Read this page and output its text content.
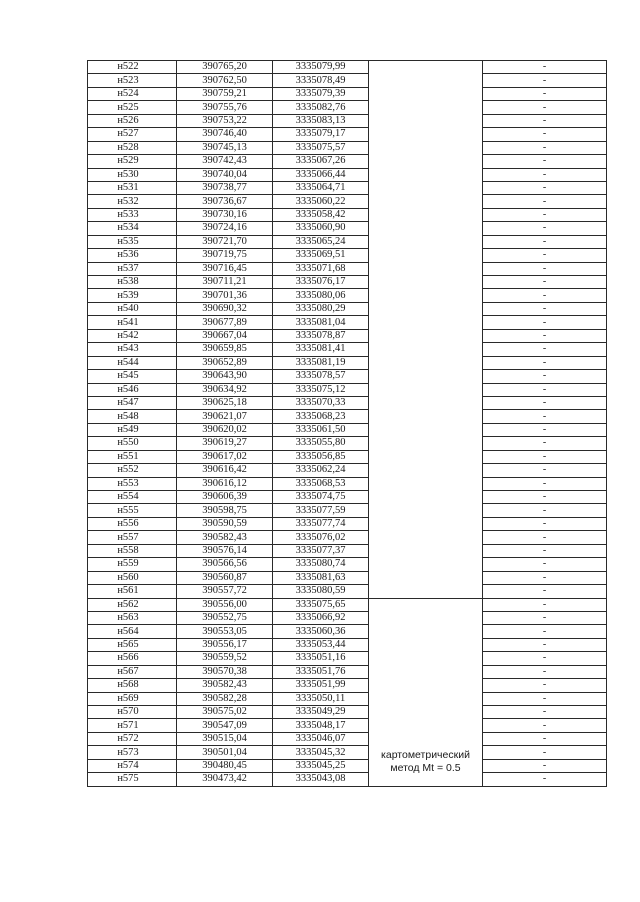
н522	390765,20	3335079,99		-
н523	390762,50	3335078,49		-
н524	390759,21	3335079,39		-
н525	390755,76	3335082,76		-
н526	390753,22	3335083,13		-
н527	390746,40	3335079,17		-
н528	390745,13	3335075,57		-
н529	390742,43	3335067,26		-
н530	390740,04	3335066,44		-
н531	390738,77	3335064,71		-
н532	390736,67	3335060,22		-
н533	390730,16	3335058,42		-
н534	390724,16	3335060,90		-
н535	390721,70	3335065,24		-
н536	390719,75	3335069,51		-
н537	390716,45	3335071,68		-
н538	390711,21	3335076,17		-
н539	390701,36	3335080,06		-
н540	390690,32	3335080,29		-
н541	390677,89	3335081,04		-
н542	390667,04	3335078,87		-
н543	390659,85	3335081,41		-
н544	390652,89	3335081,19		-
н545	390643,90	3335078,57		-
н546	390634,92	3335075,12		-
н547	390625,18	3335070,33		-
н548	390621,07	3335068,23		-
н549	390620,02	3335061,50		-
н550	390619,27	3335055,80		-
н551	390617,02	3335056,85		-
н552	390616,42	3335062,24		-
н553	390616,12	3335068,53		-
н554	390606,39	3335074,75		-
н555	390598,75	3335077,59		-
н556	390590,59	3335077,74		-
н557	390582,43	3335076,02		-
н558	390576,14	3335077,37		-
н559	390566,56	3335080,74		-
н560	390560,87	3335081,63		-
н561	390557,72	3335080,59		-
н562	390556,00	3335075,65	картометрический метод Mt = 0.5	-
н563	390552,75	3335066,92		-
н564	390553,05	3335060,36		-
н565	390556,17	3335053,44		-
н566	390559,52	3335051,16		-
н567	390570,38	3335051,76		-
н568	390582,43	3335051,99		-
н569	390582,28	3335050,11		-
н570	390575,02	3335049,29		-
н571	390547,09	3335048,17		-
н572	390515,04	3335046,07		-
н573	390501,04	3335045,32		-
н574	390480,45	3335045,25		-
н575	390473,42	3335043,08		-
